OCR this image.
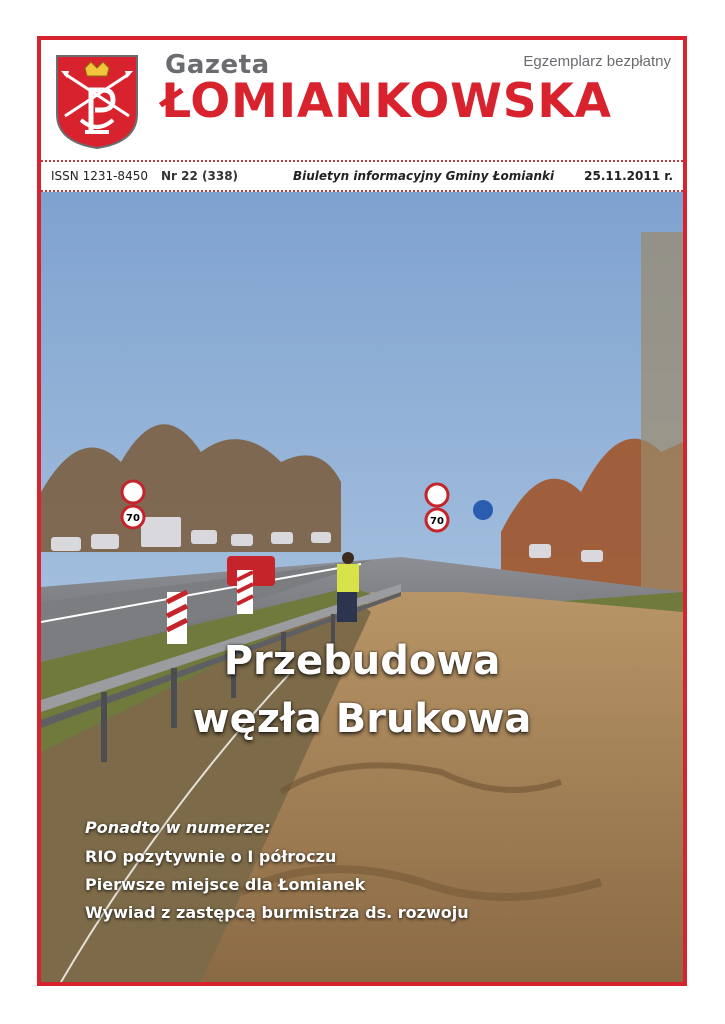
Gazeta
ŁOMIANKOWSKA
Egzemplarz bezpłatny
ISSN 1231-8450 Nr 22 (338)	Biuletyn informacyjny Gminy Łomianki	25.11.2011 r.
70	70
Przebudowa
węzła Brukowa
Ponadto w numerze:
RIO pozytywnie o I półroczu
Pierwsze miejsce dla Łomianek
Wywiad z zastępcą burmistrza ds. rozwoju
